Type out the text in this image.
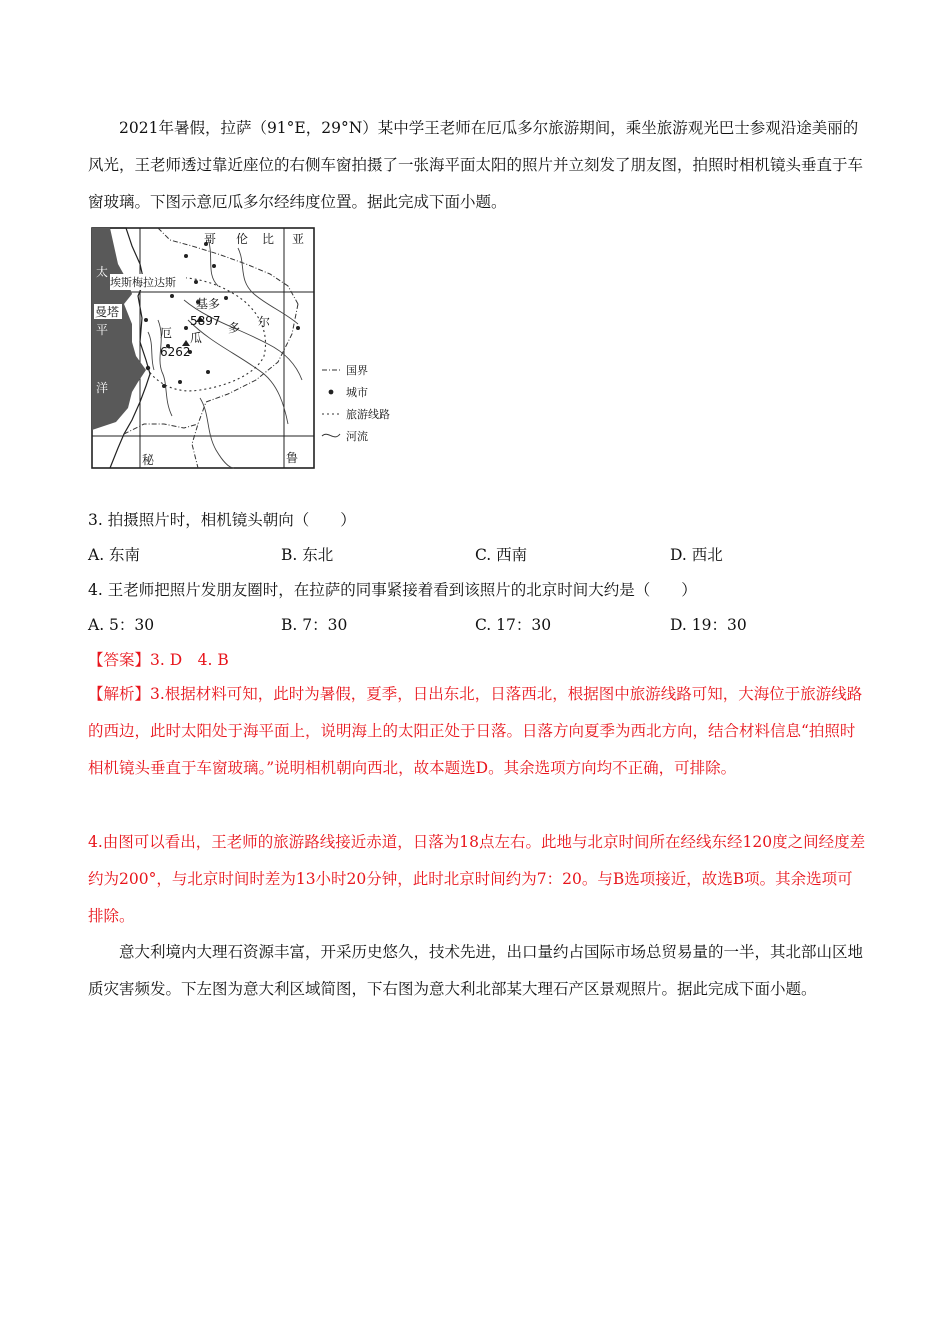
2021年暑假，拉萨（91°E，29°N）某中学王老师在厄瓜多尔旅游期间，乘坐旅游观光巴士参观沿途美丽的风光，王老师透过靠近座位的右侧车窗拍摄了一张海平面太阳的照片并立刻发了朋友图，拍照时相机镜头垂直于车窗玻璃。下图示意厄瓜多尔经纬度位置。据此完成下面小题。

哥 伦 比 亚
太
平
洋
埃斯梅拉达斯
曼塔
基多
5897
6262
厄 瓜
多 尔
秘	鲁
国界
城市
旅游线路
河流

3. 拍摄照片时，相机镜头朝向（　　）

A. 东南	B. 东北	C. 西南	D. 西北

4. 王老师把照片发朋友圈时，在拉萨的同事紧接着看到该照片的北京时间大约是（　　）

A. 5：30	B. 7：30	C. 17：30	D. 19：30

【答案】3. D　4. B

【解析】3.根据材料可知，此时为暑假，夏季，日出东北，日落西北，根据图中旅游线路可知，大海位于旅游线路的西边，此时太阳处于海平面上，说明海上的太阳正处于日落。日落方向夏季为西北方向，结合材料信息“拍照时相机镜头垂直于车窗玻璃。”说明相机朝向西北，故本题选D。其余选项方向均不正确，可排除。

4.由图可以看出，王老师的旅游路线接近赤道，日落为18点左右。此地与北京时间所在经线东经120度之间经度差约为200°，与北京时间时差为13小时20分钟，此时北京时间约为7：20。与B选项接近，故选B项。其余选项可排除。

意大利境内大理石资源丰富，开采历史悠久，技术先进，出口量约占国际市场总贸易量的一半，其北部山区地质灾害频发。下左图为意大利区域简图，下右图为意大利北部某大理石产区景观照片。据此完成下面小题。
